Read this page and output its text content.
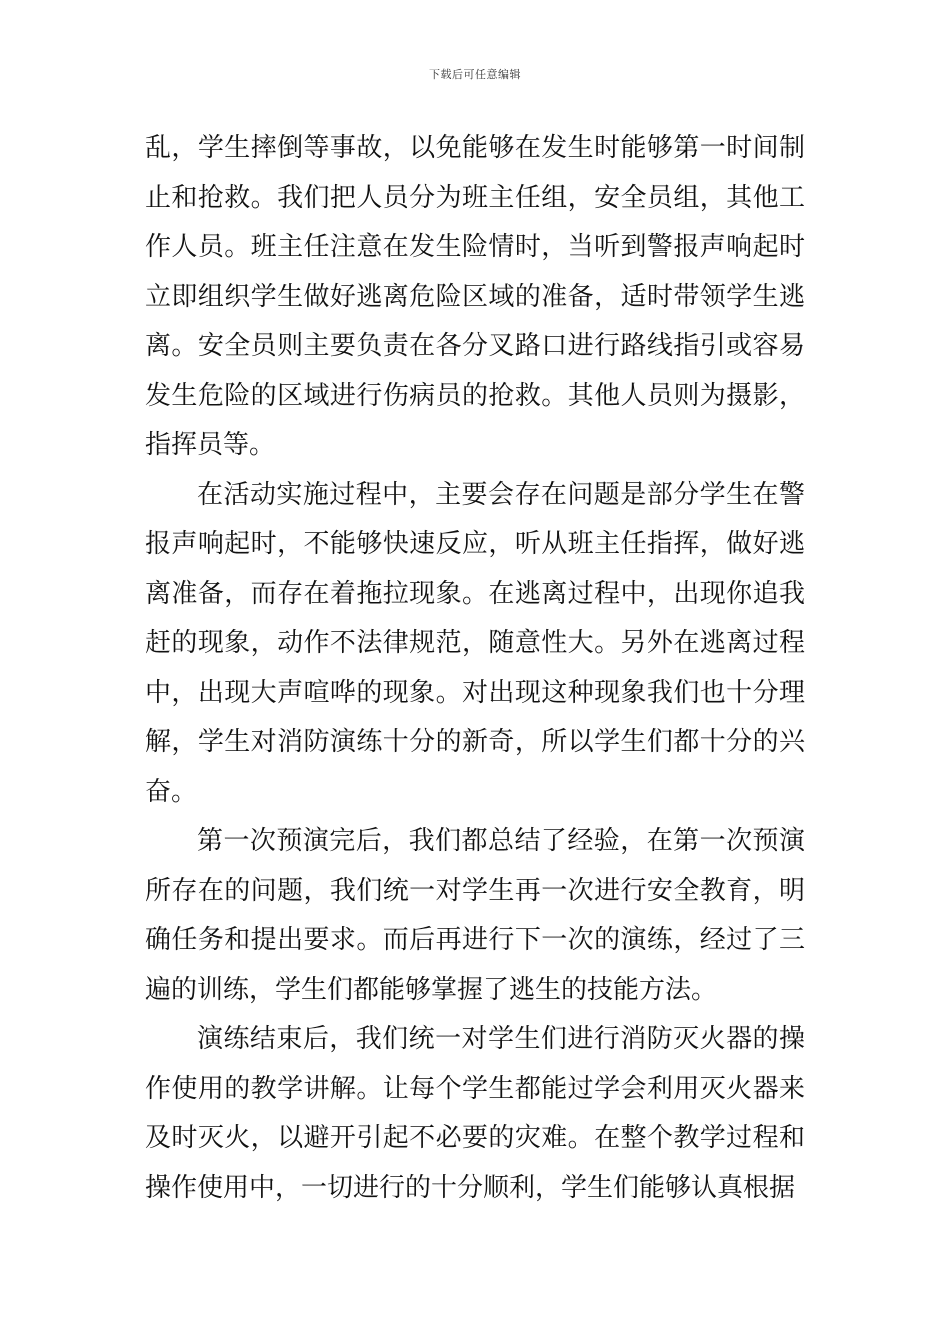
下载后可任意编辑

乱，学生摔倒等事故，以免能够在发生时能够第一时间制止和抢救。我们把人员分为班主任组，安全员组，其他工作人员。班主任注意在发生险情时，当听到警报声响起时立即组织学生做好逃离危险区域的准备，适时带领学生逃离。安全员则主要负责在各分叉路口进行路线指引或容易发生危险的区域进行伤病员的抢救。其他人员则为摄影，指挥员等。

在活动实施过程中，主要会存在问题是部分学生在警报声响起时，不能够快速反应，听从班主任指挥，做好逃离准备，而存在着拖拉现象。在逃离过程中，出现你追我赶的现象，动作不法律规范，随意性大。另外在逃离过程中，出现大声喧哗的现象。对出现这种现象我们也十分理解，学生对消防演练十分的新奇，所以学生们都十分的兴奋。

第一次预演完后，我们都总结了经验，在第一次预演所存在的问题，我们统一对学生再一次进行安全教育，明确任务和提出要求。而后再进行下一次的演练，经过了三遍的训练，学生们都能够掌握了逃生的技能方法。

演练结束后，我们统一对学生们进行消防灭火器的操作使用的教学讲解。让每个学生都能过学会利用灭火器来及时灭火，以避开引起不必要的灾难。在整个教学过程和操作使用中，一切进行的十分顺利，学生们能够认真根据
